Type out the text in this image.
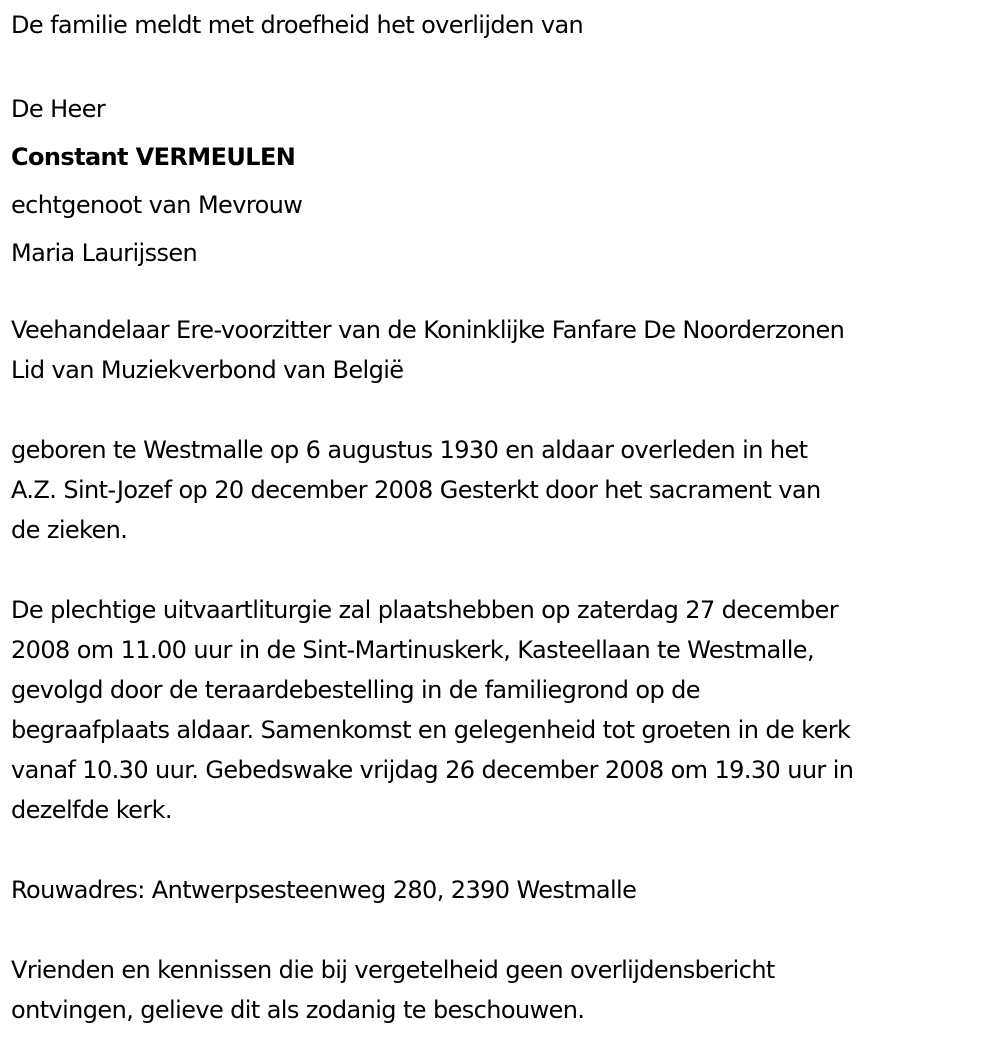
De familie meldt met droefheid het overlijden van
De Heer
Constant VERMEULEN
echtgenoot van Mevrouw
Maria Laurijssen
Veehandelaar Ere-voorzitter van de Koninklijke Fanfare De Noorderzonen
Lid van Muziekverbond van België
geboren te Westmalle op 6 augustus 1930 en aldaar overleden in het
A.Z. Sint-Jozef op 20 december 2008 Gesterkt door het sacrament van
de zieken.
De plechtige uitvaartliturgie zal plaatshebben op zaterdag 27 december
2008 om 11.00 uur in de Sint-Martinuskerk, Kasteellaan te Westmalle,
gevolgd door de teraardebestelling in de familiegrond op de
begraafplaats aldaar. Samenkomst en gelegenheid tot groeten in de kerk
vanaf 10.30 uur. Gebedswake vrijdag 26 december 2008 om 19.30 uur in
dezelfde kerk.
Rouwadres: Antwerpsesteenweg 280, 2390 Westmalle
Vrienden en kennissen die bij vergetelheid geen overlijdensbericht
ontvingen, gelieve dit als zodanig te beschouwen.
